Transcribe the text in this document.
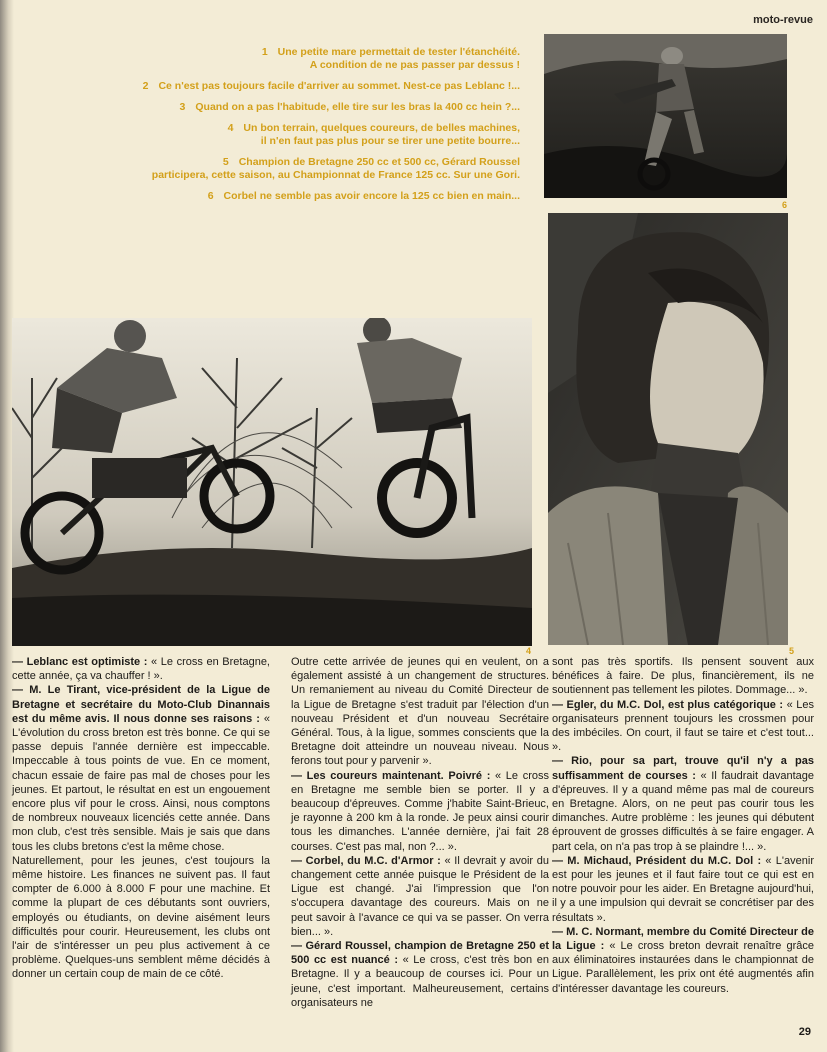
moto-revue
1 Une petite mare permettait de tester l'étanchéité.
A condition de ne pas passer par dessus !
2 Ce n'est pas toujours facile d'arriver au sommet. Nest-ce pas Leblanc !...
3 Quand on a pas l'habitude, elle tire sur les bras la 400 cc hein ?...
4 Un bon terrain, quelques coureurs, de belles machines,
il n'en faut pas plus pour se tirer une petite bourre...
5 Champion de Bretagne 250 cc et 500 cc, Gérard Roussel
participera, cette saison, au Championnat de France 125 cc. Sur une Gori.
6 Corbel ne semble pas avoir encore la 125 cc bien en main...
6
5
4

— Leblanc est optimiste : « Le cross en Bretagne, cette année, ça va chauffer ! ».

— M. Le Tirant, vice-président de la Ligue de Bretagne et secrétaire du Moto-Club Dinannais est du même avis. Il nous donne ses raisons : « L'évolution du cross breton est très bonne. Ce qui se passe depuis l'année dernière est impeccable. Impeccable à tous points de vue. En ce moment, chacun essaie de faire pas mal de choses pour les jeunes. Et partout, le résultat en est un engouement encore plus vif pour le cross. Ainsi, nous comptons de nombreux nouveaux licenciés cette année. Dans mon club, c'est très sensible. Mais je sais que dans tous les clubs bretons c'est la même chose.

Naturellement, pour les jeunes, c'est toujours la même histoire. Les finances ne suivent pas. Il faut compter de 6.000 à 8.000 F pour une machine. Et comme la plupart de ces débutants sont ouvriers, employés ou étudiants, on devine aisément leurs difficultés pour courir. Heureusement, les clubs ont l'air de s'intéresser un peu plus activement à ce problème. Quelques-uns semblent même décidés à donner un certain coup de main de ce côté.

Outre cette arrivée de jeunes qui en veulent, on a également assisté à un changement de structures. Un remaniement au niveau du Comité Directeur de la Ligue de Bretagne s'est traduit par l'élection d'un nouveau Président et d'un nouveau Secrétaire Général. Tous, à la ligue, sommes conscients que la Bretagne doit atteindre un nouveau niveau. Nous ferons tout pour y parvenir ».

— Les coureurs maintenant. Poivré : « Le cross en Bretagne me semble bien se porter. Il y a beaucoup d'épreuves. Comme j'habite Saint-Brieuc, je rayonne à 200 km à la ronde. Je peux ainsi courir tous les dimanches. L'année dernière, j'ai fait 28 courses. C'est pas mal, non ?... ».

— Corbel, du M.C. d'Armor : « Il devrait y avoir du changement cette année puisque le Président de la Ligue est changé. J'ai l'impression que l'on s'occupera davantage des coureurs. Mais on ne peut savoir à l'avance ce qui va se passer. On verra bien... ».

— Gérard Roussel, champion de Bretagne 250 et 500 cc est nuancé : « Le cross, c'est très bon en Bretagne. Il y a beaucoup de courses ici. Pour un jeune, c'est important. Malheureusement, certains organisateurs ne

sont pas très sportifs. Ils pensent souvent aux bénéfices à faire. De plus, financièrement, ils ne soutiennent pas tellement les pilotes. Dommage... ».

— Egler, du M.C. Dol, est plus catégorique : « Les organisateurs prennent toujours les crossmen pour des imbéciles. On court, il faut se taire et c'est tout... ».

— Rio, pour sa part, trouve qu'il n'y a pas suffisamment de courses : « Il faudrait davantage d'épreuves. Il y a quand même pas mal de coureurs en Bretagne. Alors, on ne peut pas courir tous les dimanches. Autre problème : les jeunes qui débutent éprouvent de grosses difficultés à se faire engager. A part cela, on n'a pas trop à se plaindre !... ».

— M. Michaud, Président du M.C. Dol : « L'avenir est pour les jeunes et il faut faire tout ce qui est en notre pouvoir pour les aider. En Bretagne aujourd'hui, il y a une impulsion qui devrait se concrétiser par des résultats ».

— M. C. Normant, membre du Comité Directeur de la Ligue : « Le cross breton devrait renaître grâce aux éliminatoires instaurées dans le championnat de Ligue. Parallèlement, les prix ont été augmentés afin d'intéresser davantage les coureurs.

29
